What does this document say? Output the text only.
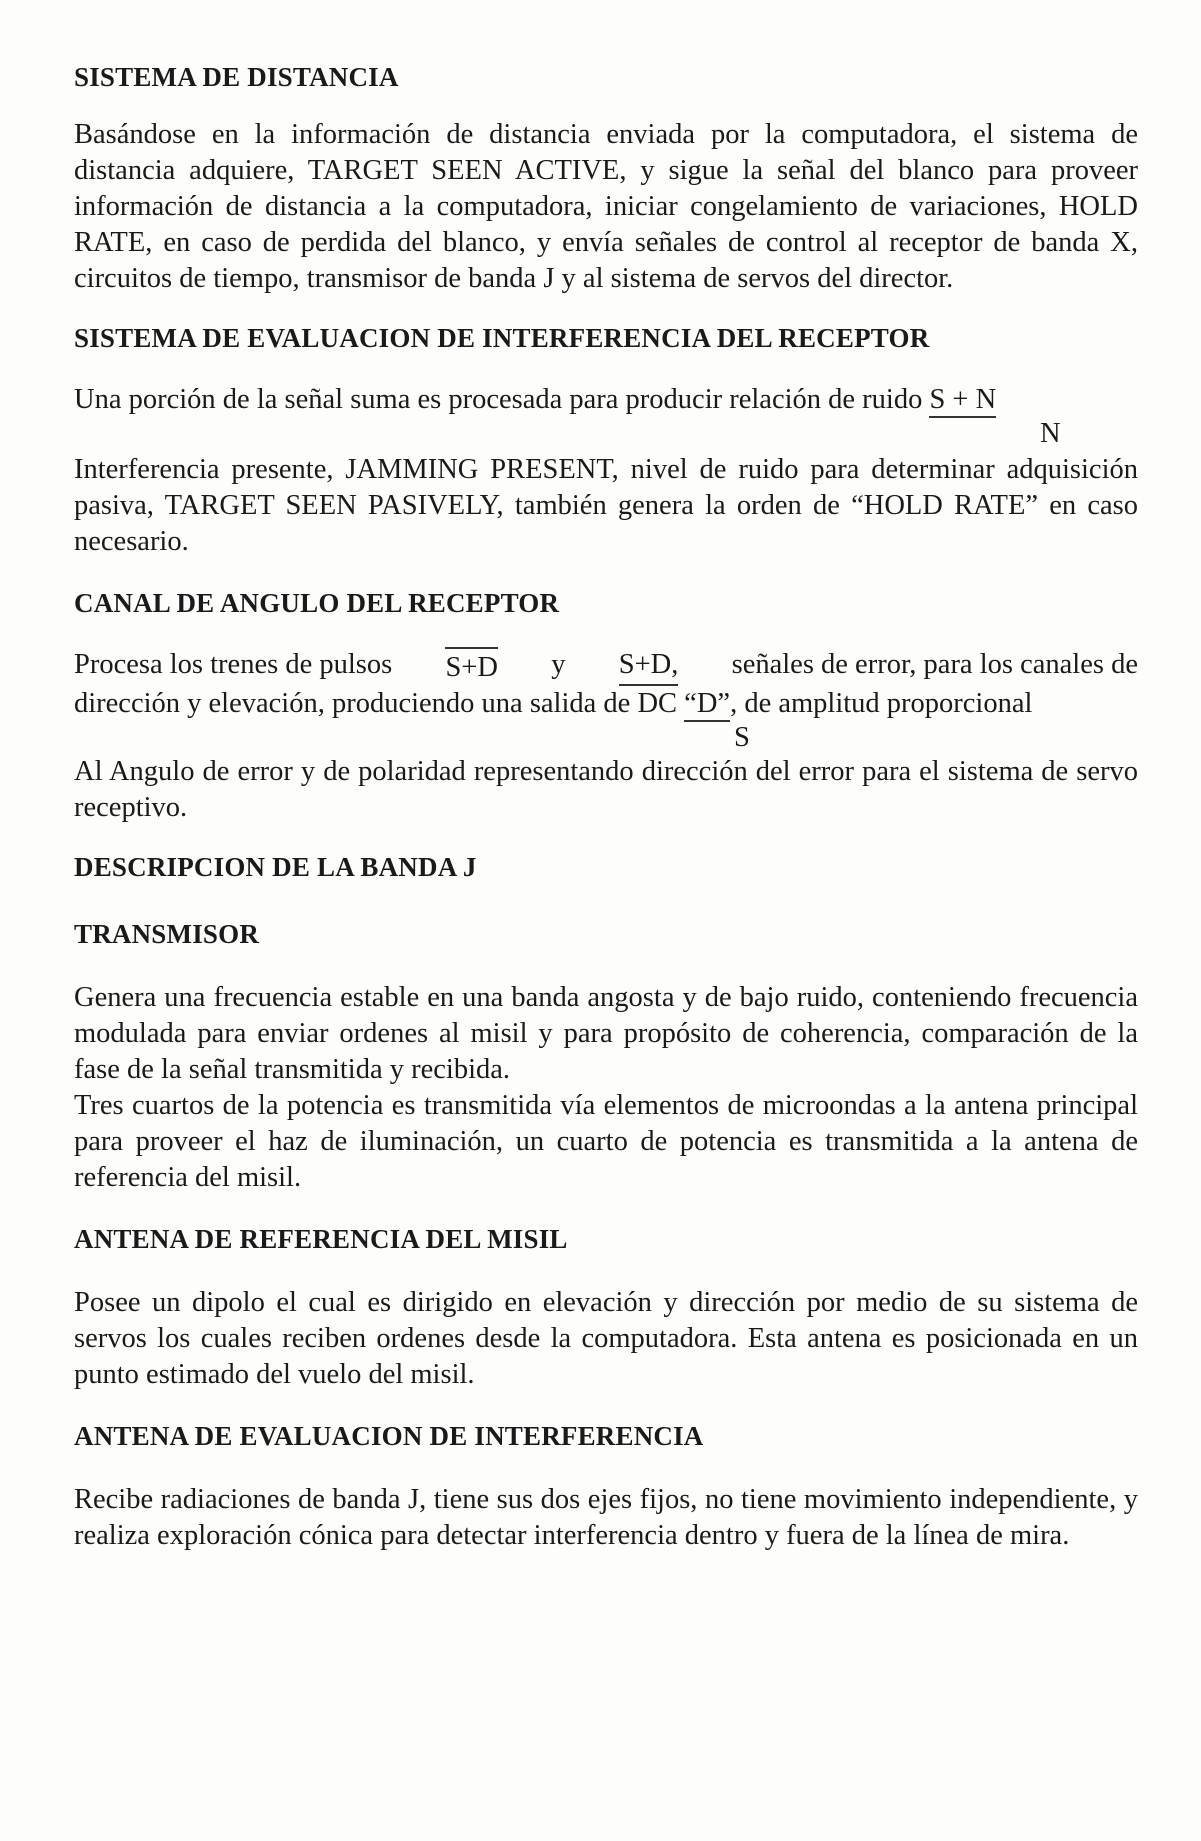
SISTEMA DE DISTANCIA
Basándose en la información de distancia enviada por la computadora, el sistema de distancia adquiere, TARGET SEEN ACTIVE, y sigue la señal del blanco para proveer información de distancia a la computadora, iniciar congelamiento de variaciones, HOLD RATE, en caso de perdida del blanco, y envía señales de control al receptor de banda X, circuitos de tiempo, transmisor de banda J y al sistema de servos del director.
SISTEMA DE EVALUACION DE INTERFERENCIA DEL RECEPTOR
Una porción de la señal suma es procesada para producir relación de ruido S + N
N
Interferencia presente, JAMMING PRESENT, nivel de ruido para determinar adquisición pasiva, TARGET SEEN PASIVELY, también genera la orden de “HOLD RATE” en caso necesario.
CANAL DE ANGULO DEL RECEPTOR
Procesa los trenes de pulsos S+D y S+D, señales de error, para los canales de
dirección y elevación, produciendo una salida de DC “D”, de amplitud proporcional
S
Al Angulo de error y de polaridad representando dirección del error para el sistema de servo receptivo.
DESCRIPCION DE LA BANDA J
TRANSMISOR
Genera una frecuencia estable en una banda angosta y de bajo ruido, conteniendo frecuencia modulada para enviar ordenes al misil y para propósito de coherencia, comparación de la fase de la señal transmitida y recibida.
Tres cuartos de la potencia es transmitida vía elementos de microondas a la antena principal para proveer el haz de iluminación, un cuarto de potencia es transmitida a la antena de referencia del misil.
ANTENA DE REFERENCIA DEL MISIL
Posee un dipolo el cual es dirigido en elevación y dirección por medio de su sistema de servos los cuales reciben ordenes desde la computadora. Esta antena es posicionada en un punto estimado del vuelo del misil.
ANTENA DE EVALUACION DE INTERFERENCIA
Recibe radiaciones de banda J, tiene sus dos ejes fijos, no tiene movimiento independiente, y realiza exploración cónica para detectar interferencia dentro y fuera de la línea de mira.
